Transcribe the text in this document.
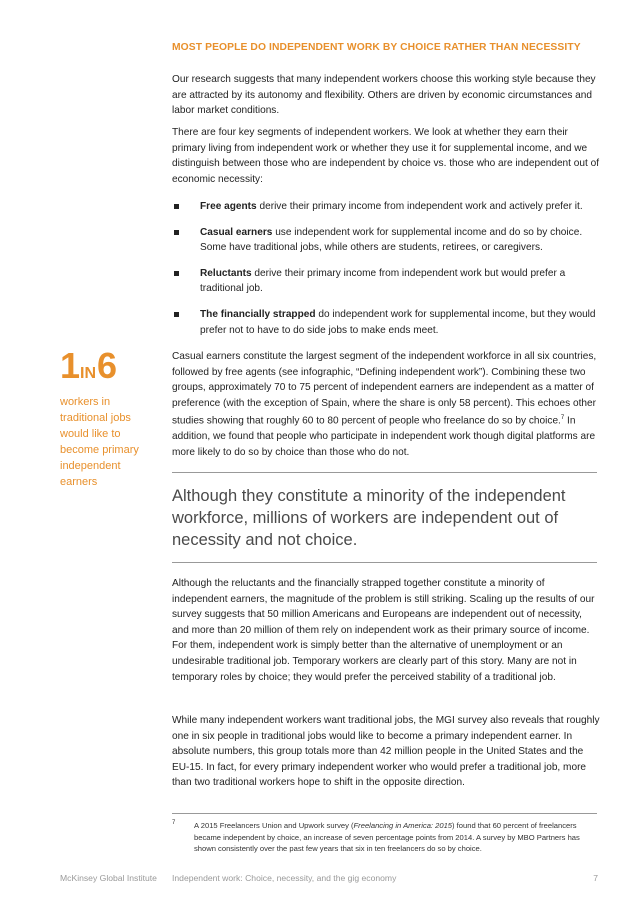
MOST PEOPLE DO INDEPENDENT WORK BY CHOICE RATHER THAN NECESSITY

Our research suggests that many independent workers choose this working style because they are attracted by its autonomy and flexibility. Others are driven by economic circumstances and labor market conditions.

There are four key segments of independent workers. We look at whether they earn their primary living from independent work or whether they use it for supplemental income, and we distinguish between those who are independent by choice vs. those who are independent out of economic necessity:

Free agents derive their primary income from independent work and actively prefer it.
Casual earners use independent work for supplemental income and do so by choice. Some have traditional jobs, while others are students, retirees, or caregivers.
Reluctants derive their primary income from independent work but would prefer a traditional job.
The financially strapped do independent work for supplemental income, but they would prefer not to have to do side jobs to make ends meet.
1IN6
workers in traditional jobs would like to become primary independent earners

Casual earners constitute the largest segment of the independent workforce in all six countries, followed by free agents (see infographic, “Defining independent work”). Combining these two groups, approximately 70 to 75 percent of independent earners are independent as a matter of preference (with the exception of Spain, where the share is only 58 percent). This echoes other studies showing that roughly 60 to 80 percent of people who freelance do so by choice.$^7$ In addition, we found that people who participate in independent work though digital platforms are more likely to do so by choice than those who do not.

Although they constitute a minority of the independent workforce, millions of workers are independent out of necessity and not choice.

Although the reluctants and the financially strapped together constitute a minority of independent earners, the magnitude of the problem is still striking. Scaling up the results of our survey suggests that 50 million Americans and Europeans are independent out of necessity, and more than 20 million of them rely on independent work as their primary source of income. For them, independent work is simply better than the alternative of unemployment or an undesirable traditional job. Temporary workers are clearly part of this story. Many are not in temporary roles by choice; they would prefer the perceived stability of a traditional job.

While many independent workers want traditional jobs, the MGI survey also reveals that roughly one in six people in traditional jobs would like to become a primary independent earner. In absolute numbers, this group totals more than 42 million people in the United States and the EU-15. In fact, for every primary independent worker who would prefer a traditional job, more than two traditional workers hope to shift in the opposite direction.

7	A 2015 Freelancers Union and Upwork survey (Freelancing in America: 2015) found that 60 percent of freelancers became independent by choice, an increase of seven percentage points from 2014. A survey by MBO Partners has shown consistently over the past few years that six in ten freelancers do so by choice.
McKinsey Global Institute Independent work: Choice, necessity, and the gig economy	7
